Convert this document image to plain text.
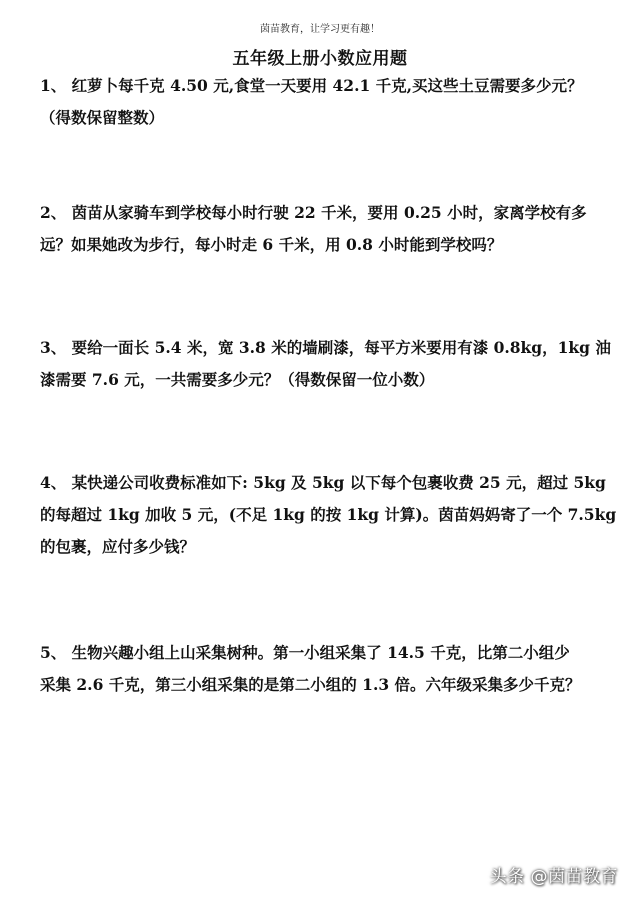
茵苗教育，让学习更有趣！
五年级上册小数应用题
1、 红萝卜每千克 4.50 元,食堂一天要用 42.1 千克,买这些土豆需要多少元？
（得数保留整数）
2、 茵苗从家骑车到学校每小时行驶 22 千米，要用 0.25 小时，家离学校有多
远？如果她改为步行，每小时走 6 千米，用 0.8 小时能到学校吗？
3、 要给一面长 5.4 米，宽 3.8 米的墙刷漆，每平方米要用有漆 0.8kg，1kg 油
漆需要 7.6 元，一共需要多少元？（得数保留一位小数）
4、 某快递公司收费标准如下: 5kg 及 5kg 以下每个包裹收费 25 元，超过 5kg
的每超过 1kg 加收 5 元，(不足 1kg 的按 1kg 计算)。茵苗妈妈寄了一个 7.5kg
的包裹，应付多少钱？
5、 生物兴趣小组上山采集树种。第一小组采集了 14.5 千克，比第二小组少
采集 2.6 千克，第三小组采集的是第二小组的 1.3 倍。六年级采集多少千克？
头条 @茵苗教育
